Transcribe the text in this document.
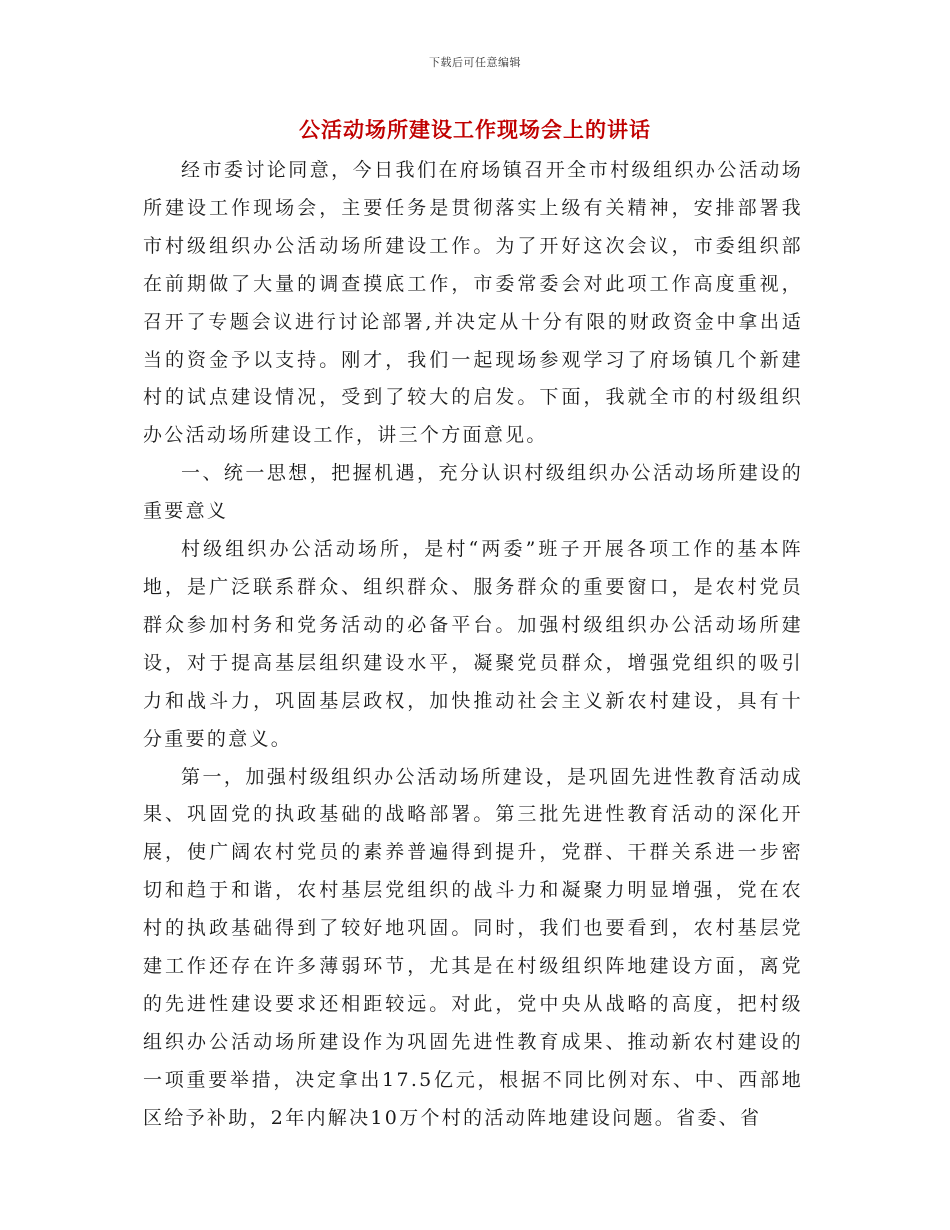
下载后可任意编辑
公活动场所建设工作现场会上的讲话

经市委讨论同意，今日我们在府场镇召开全市村级组织办公活动场所建设工作现场会，主要任务是贯彻落实上级有关精神，安排部署我市村级组织办公活动场所建设工作。为了开好这次会议，市委组织部在前期做了大量的调查摸底工作，市委常委会对此项工作高度重视，召开了专题会议进行讨论部署,并决定从十分有限的财政资金中拿出适当的资金予以支持。刚才，我们一起现场参观学习了府场镇几个新建村的试点建设情况，受到了较大的启发。下面，我就全市的村级组织办公活动场所建设工作，讲三个方面意见。

一、统一思想，把握机遇，充分认识村级组织办公活动场所建设的重要意义

村级组织办公活动场所，是村“两委”班子开展各项工作的基本阵地，是广泛联系群众、组织群众、服务群众的重要窗口，是农村党员群众参加村务和党务活动的必备平台。加强村级组织办公活动场所建设，对于提高基层组织建设水平，凝聚党员群众，增强党组织的吸引力和战斗力，巩固基层政权，加快推动社会主义新农村建设，具有十分重要的意义。

第一，加强村级组织办公活动场所建设，是巩固先进性教育活动成果、巩固党的执政基础的战略部署。第三批先进性教育活动的深化开展，使广阔农村党员的素养普遍得到提升，党群、干群关系进一步密切和趋于和谐，农村基层党组织的战斗力和凝聚力明显增强，党在农村的执政基础得到了较好地巩固。同时，我们也要看到，农村基层党建工作还存在许多薄弱环节，尤其是在村级组织阵地建设方面，离党的先进性建设要求还相距较远。对此，党中央从战略的高度，把村级组织办公活动场所建设作为巩固先进性教育成果、推动新农村建设的一项重要举措，决定拿出17.5亿元，根据不同比例对东、中、西部地区给予补助，2年内解决10万个村的活动阵地建设问题。省委、省
